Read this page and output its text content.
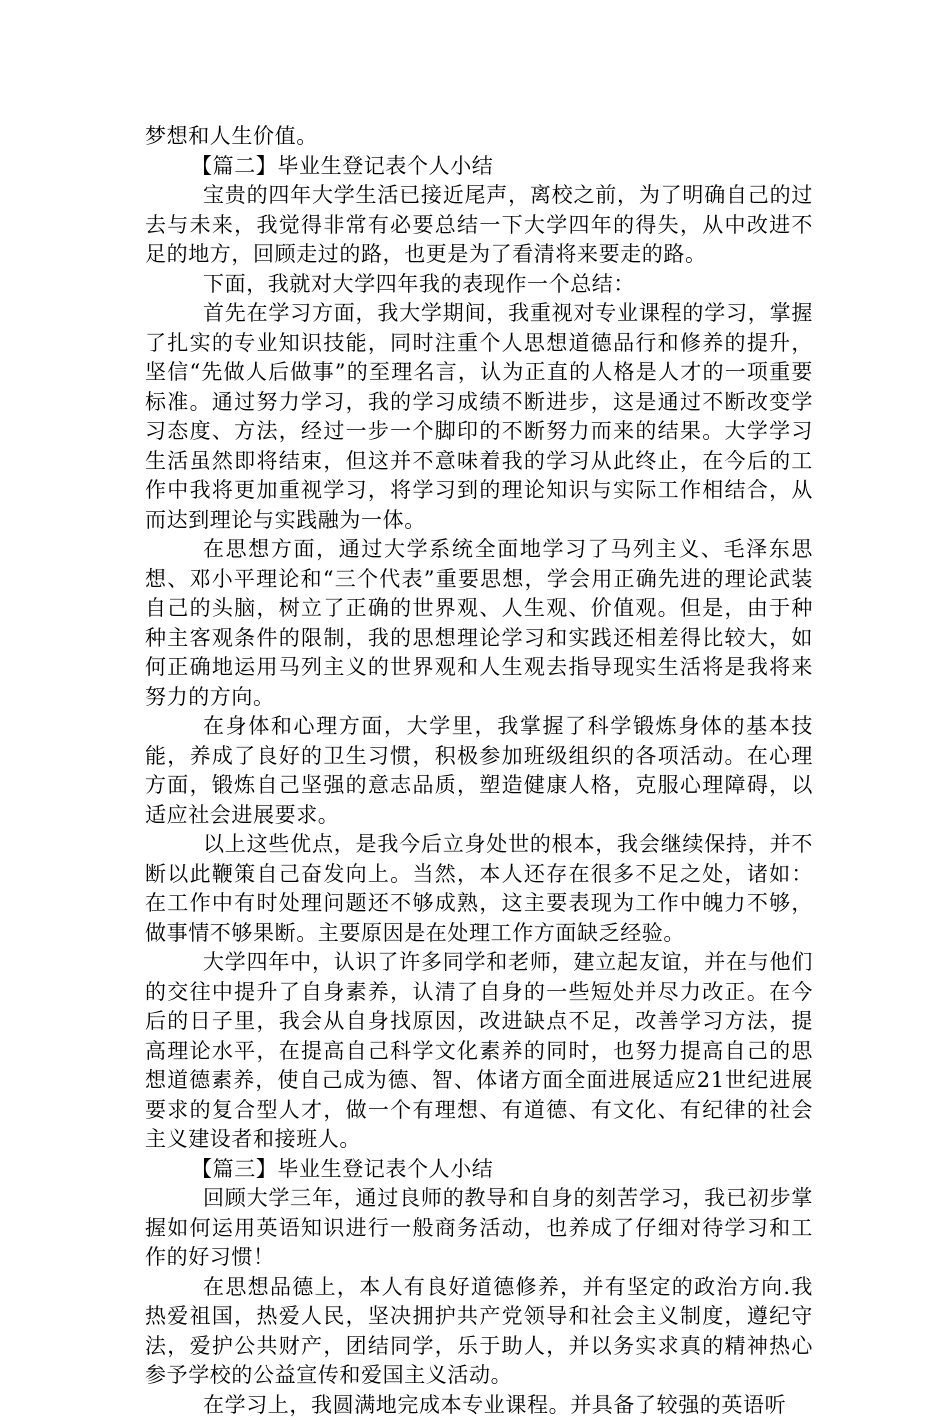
梦想和人生价值。

【篇二】毕业生登记表个人小结

宝贵的四年大学生活已接近尾声，离校之前，为了明确自己的过去与未来，我觉得非常有必要总结一下大学四年的得失，从中改进不足的地方，回顾走过的路，也更是为了看清将来要走的路。

下面，我就对大学四年我的表现作一个总结：

首先在学习方面，我大学期间，我重视对专业课程的学习，掌握了扎实的专业知识技能，同时注重个人思想道德品行和修养的提升，坚信“先做人后做事”的至理名言，认为正直的人格是人才的一项重要标准。通过努力学习，我的学习成绩不断进步，这是通过不断改变学习态度、方法，经过一步一个脚印的不断努力而来的结果。大学学习生活虽然即将结束，但这并不意味着我的学习从此终止，在今后的工作中我将更加重视学习，将学习到的理论知识与实际工作相结合，从而达到理论与实践融为一体。

在思想方面，通过大学系统全面地学习了马列主义、毛泽东思想、邓小平理论和“三个代表”重要思想，学会用正确先进的理论武装自己的头脑，树立了正确的世界观、人生观、价值观。但是，由于种种主客观条件的限制，我的思想理论学习和实践还相差得比较大，如何正确地运用马列主义的世界观和人生观去指导现实生活将是我将来努力的方向。

在身体和心理方面，大学里，我掌握了科学锻炼身体的基本技能，养成了良好的卫生习惯，积极参加班级组织的各项活动。在心理方面，锻炼自己坚强的意志品质，塑造健康人格，克服心理障碍，以适应社会进展要求。

以上这些优点，是我今后立身处世的根本，我会继续保持，并不断以此鞭策自己奋发向上。当然，本人还存在很多不足之处，诸如：在工作中有时处理问题还不够成熟，这主要表现为工作中魄力不够，做事情不够果断。主要原因是在处理工作方面缺乏经验。

大学四年中，认识了许多同学和老师，建立起友谊，并在与他们的交往中提升了自身素养，认清了自身的一些短处并尽力改正。在今后的日子里，我会从自身找原因，改进缺点不足，改善学习方法，提高理论水平，在提高自己科学文化素养的同时，也努力提高自己的思想道德素养，使自己成为德、智、体诸方面全面进展适应21世纪进展要求的复合型人才，做一个有理想、有道德、有文化、有纪律的社会主义建设者和接班人。

【篇三】毕业生登记表个人小结

回顾大学三年，通过良师的教导和自身的刻苦学习，我已初步掌握如何运用英语知识进行一般商务活动，也养成了仔细对待学习和工作的好习惯！

在思想品德上，本人有良好道德修养，并有坚定的政治方向.我热爱祖国，热爱人民，坚决拥护共产党领导和社会主义制度，遵纪守法，爱护公共财产，团结同学，乐于助人，并以务实求真的精神热心参予学校的公益宣传和爱国主义活动。

在学习上，我圆满地完成本专业课程。并具备了较强的英语听
